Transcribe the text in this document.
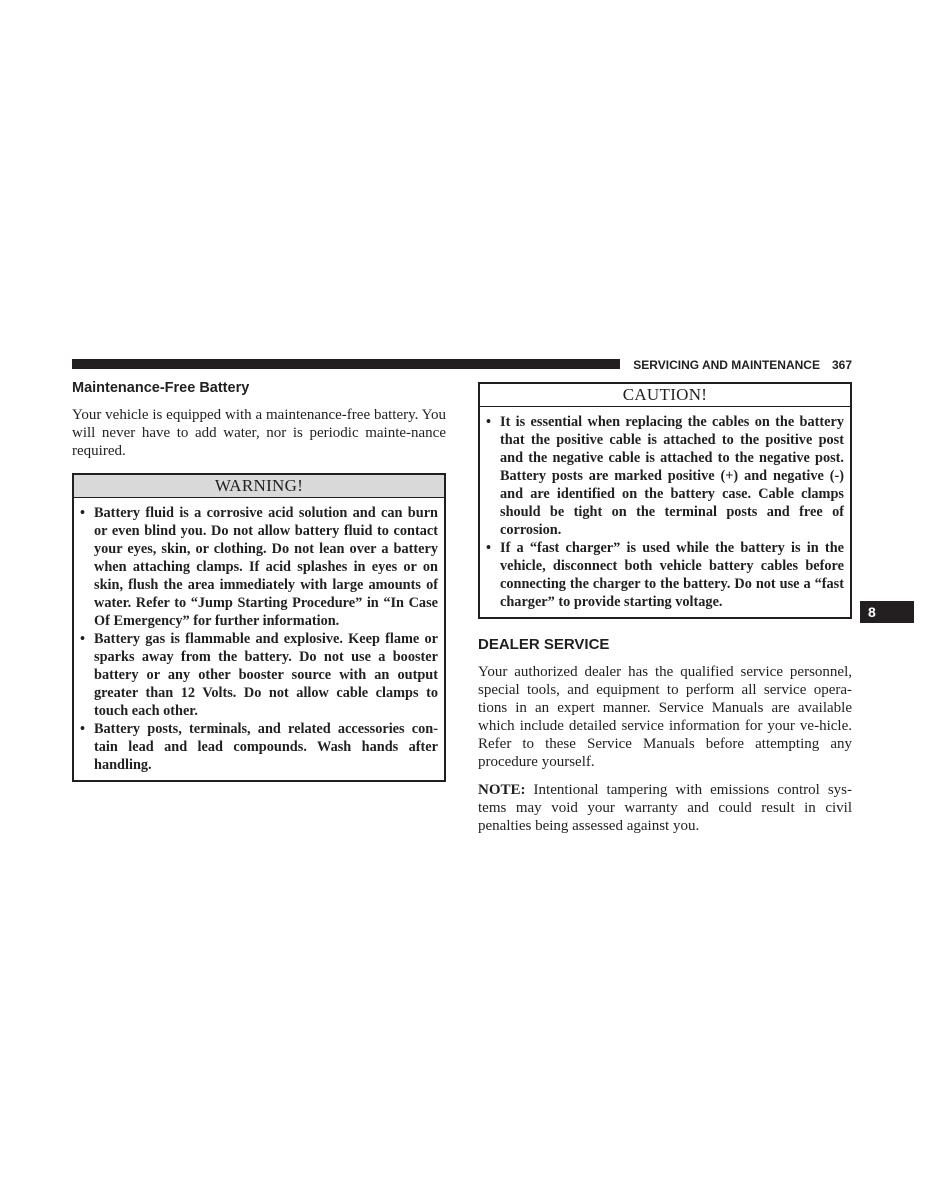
SERVICING AND MAINTENANCE 367
Maintenance-Free Battery

Your vehicle is equipped with a maintenance-free battery. You will never have to add water, nor is periodic mainte-nance required.

WARNING!
• Battery fluid is a corrosive acid solution and can burn or even blind you. Do not allow battery fluid to contact your eyes, skin, or clothing. Do not lean over a battery when attaching clamps. If acid splashes in eyes or on skin, flush the area immediately with large amounts of water. Refer to “Jump Starting Procedure” in “In Case Of Emergency” for further information.
• Battery gas is flammable and explosive. Keep flame or sparks away from the battery. Do not use a booster battery or any other booster source with an output greater than 12 Volts. Do not allow cable clamps to touch each other.
• Battery posts, terminals, and related accessories con-tain lead and lead compounds. Wash hands after handling.
CAUTION!
• It is essential when replacing the cables on the battery that the positive cable is attached to the positive post and the negative cable is attached to the negative post. Battery posts are marked positive (+) and negative (-) and are identified on the battery case. Cable clamps should be tight on the terminal posts and free of corrosion.
• If a “fast charger” is used while the battery is in the vehicle, disconnect both vehicle battery cables before connecting the charger to the battery. Do not use a “fast charger” to provide starting voltage.
DEALER SERVICE

Your authorized dealer has the qualified service personnel, special tools, and equipment to perform all service opera-tions in an expert manner. Service Manuals are available which include detailed service information for your ve-hicle. Refer to these Service Manuals before attempting any procedure yourself.

NOTE: Intentional tampering with emissions control sys-tems may void your warranty and could result in civil penalties being assessed against you.

8
